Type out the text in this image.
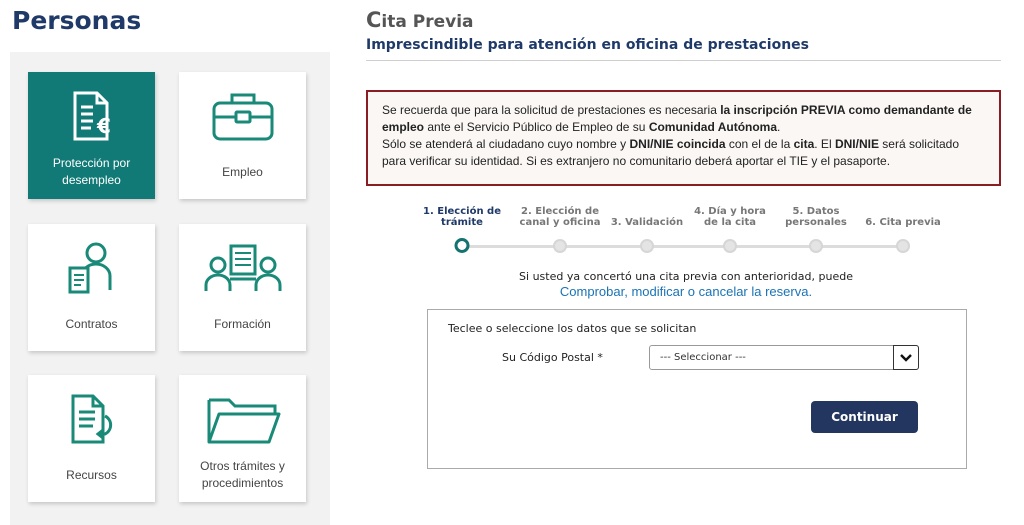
Personas
€
Protección por desempleo
Empleo
Contratos	Formación
Recursos
Otros trámites y procedimientos
Cita Previa
Imprescindible para atención en oficina de prestaciones
Se recuerda que para la solicitud de prestaciones es necesaria la inscripción PREVIA como demandante de empleo ante el Servicio Público de Empleo de su Comunidad Autónoma.
Sólo se atenderá al ciudadano cuyo nombre y DNI/NIE coincida con el de la cita. El DNI/NIE será solicitado para verificar su identidad. Si es extranjero no comunitario deberá aportar el TIE y el pasaporte.
1. Elección de
trámite
2. Elección de
canal y oficina 3. Validación
4. Día y hora
de la cita
5. Datos
personales 6. Cita previa
Si usted ya concertó una cita previa con anterioridad, puede
Comprobar, modificar o cancelar la reserva.
Teclee o seleccione los datos que se solicitan
Su Código Postal *	--- Seleccionar ---
Continuar
